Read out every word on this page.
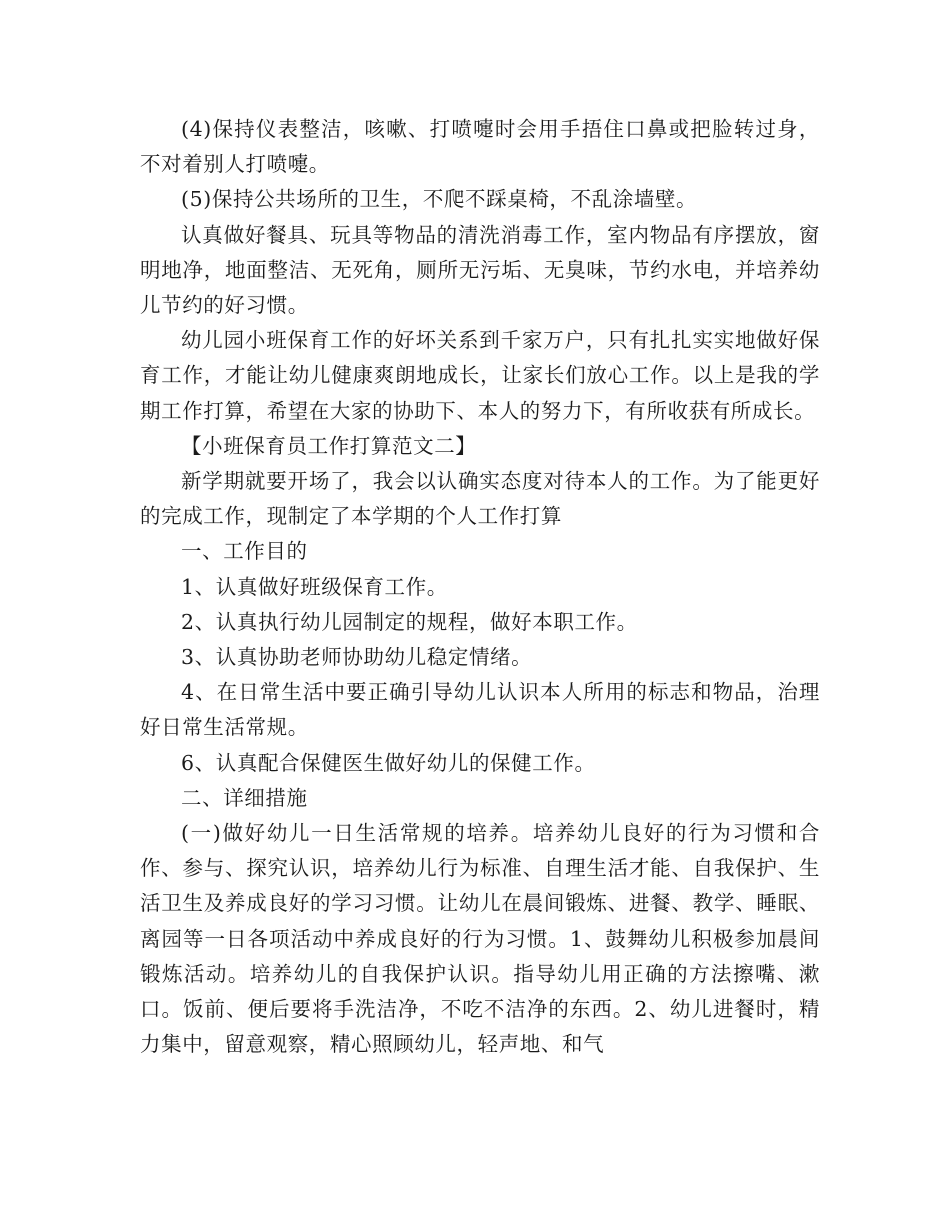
(4)保持仪表整洁，咳嗽、打喷嚏时会用手捂住口鼻或把脸转过身，不对着别人打喷嚏。

(5)保持公共场所的卫生，不爬不踩桌椅，不乱涂墙壁。

认真做好餐具、玩具等物品的清洗消毒工作，室内物品有序摆放，窗明地净，地面整洁、无死角，厕所无污垢、无臭味，节约水电，并培养幼儿节约的好习惯。

幼儿园小班保育工作的好坏关系到千家万户，只有扎扎实实地做好保育工作，才能让幼儿健康爽朗地成长，让家长们放心工作。以上是我的学期工作打算，希望在大家的协助下、本人的努力下，有所收获有所成长。

【小班保育员工作打算范文二】

新学期就要开场了，我会以认确实态度对待本人的工作。为了能更好的完成工作，现制定了本学期的个人工作打算

一、工作目的

1、认真做好班级保育工作。

2、认真执行幼儿园制定的规程，做好本职工作。

3、认真协助老师协助幼儿稳定情绪。

4、在日常生活中要正确引导幼儿认识本人所用的标志和物品，治理好日常生活常规。

6、认真配合保健医生做好幼儿的保健工作。

二、详细措施

(一)做好幼儿一日生活常规的培养。培养幼儿良好的行为习惯和合作、参与、探究认识，培养幼儿行为标准、自理生活才能、自我保护、生活卫生及养成良好的学习习惯。让幼儿在晨间锻炼、进餐、教学、睡眠、离园等一日各项活动中养成良好的行为习惯。1、鼓舞幼儿积极参加晨间锻炼活动。培养幼儿的自我保护认识。指导幼儿用正确的方法擦嘴、漱口。饭前、便后要将手洗洁净，不吃不洁净的东西。2、幼儿进餐时，精力集中，留意观察，精心照顾幼儿，轻声地、和气
